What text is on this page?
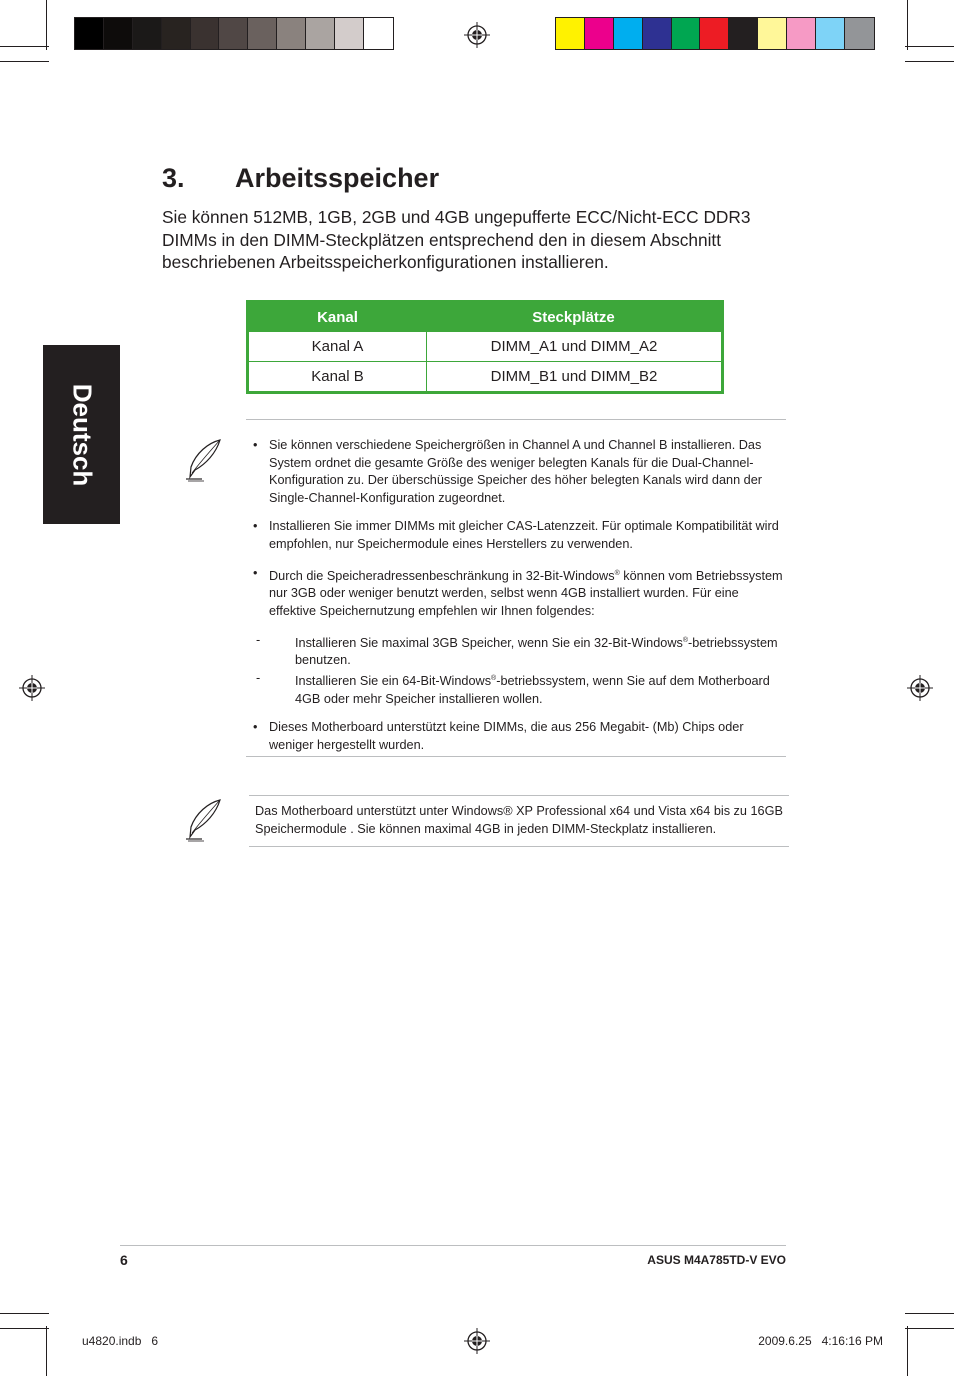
Deutsch
3. Arbeitsspeicher
Sie können 512MB, 1GB, 2GB und 4GB ungepufferte ECC/Nicht-ECC DDR3 DIMMs in den DIMM-Steckplätzen entsprechend den in diesem Abschnitt beschriebenen Arbeitsspeicherkonfigurationen installieren.
Kanal	Steckplätze
Kanal A	DIMM_A1 und DIMM_A2
Kanal B	DIMM_B1 und DIMM_B2
• Sie können verschiedene Speichergrößen in Channel A und Channel B installieren. Das System ordnet die gesamte Größe des weniger belegten Kanals für die Dual-Channel-Konfiguration zu. Der überschüssige Speicher des höher belegten Kanals wird dann der Single-Channel-Konfiguration zugeordnet.
• Installieren Sie immer DIMMs mit gleicher CAS-Latenzzeit. Für optimale Kompatibilität wird empfohlen, nur Speichermodule eines Herstellers zu verwenden.
• Durch die Speicheradressenbeschränkung in 32-Bit-Windows® können vom Betriebssystem nur 3GB oder weniger benutzt werden, selbst wenn 4GB installiert wurden. Für eine effektive Speichernutzung empfehlen wir Ihnen folgendes:
-	Installieren Sie maximal 3GB Speicher, wenn Sie ein 32-Bit-Windows®-betriebssystem benutzen.
-	Installieren Sie ein 64-Bit-Windows®-betriebssystem, wenn Sie auf dem Motherboard 4GB oder mehr Speicher installieren wollen.
• Dieses Motherboard unterstützt keine DIMMs, die aus 256 Megabit- (Mb) Chips oder weniger hergestellt wurden.
Das Motherboard unterstützt unter Windows® XP Professional x64 und Vista x64 bis zu 16GB Speichermodule . Sie können maximal 4GB in jeden DIMM-Steckplatz installieren.
6	ASUS M4A785TD-V EVO
u4820.indb   6	2009.6.25   4:16:16 PM
